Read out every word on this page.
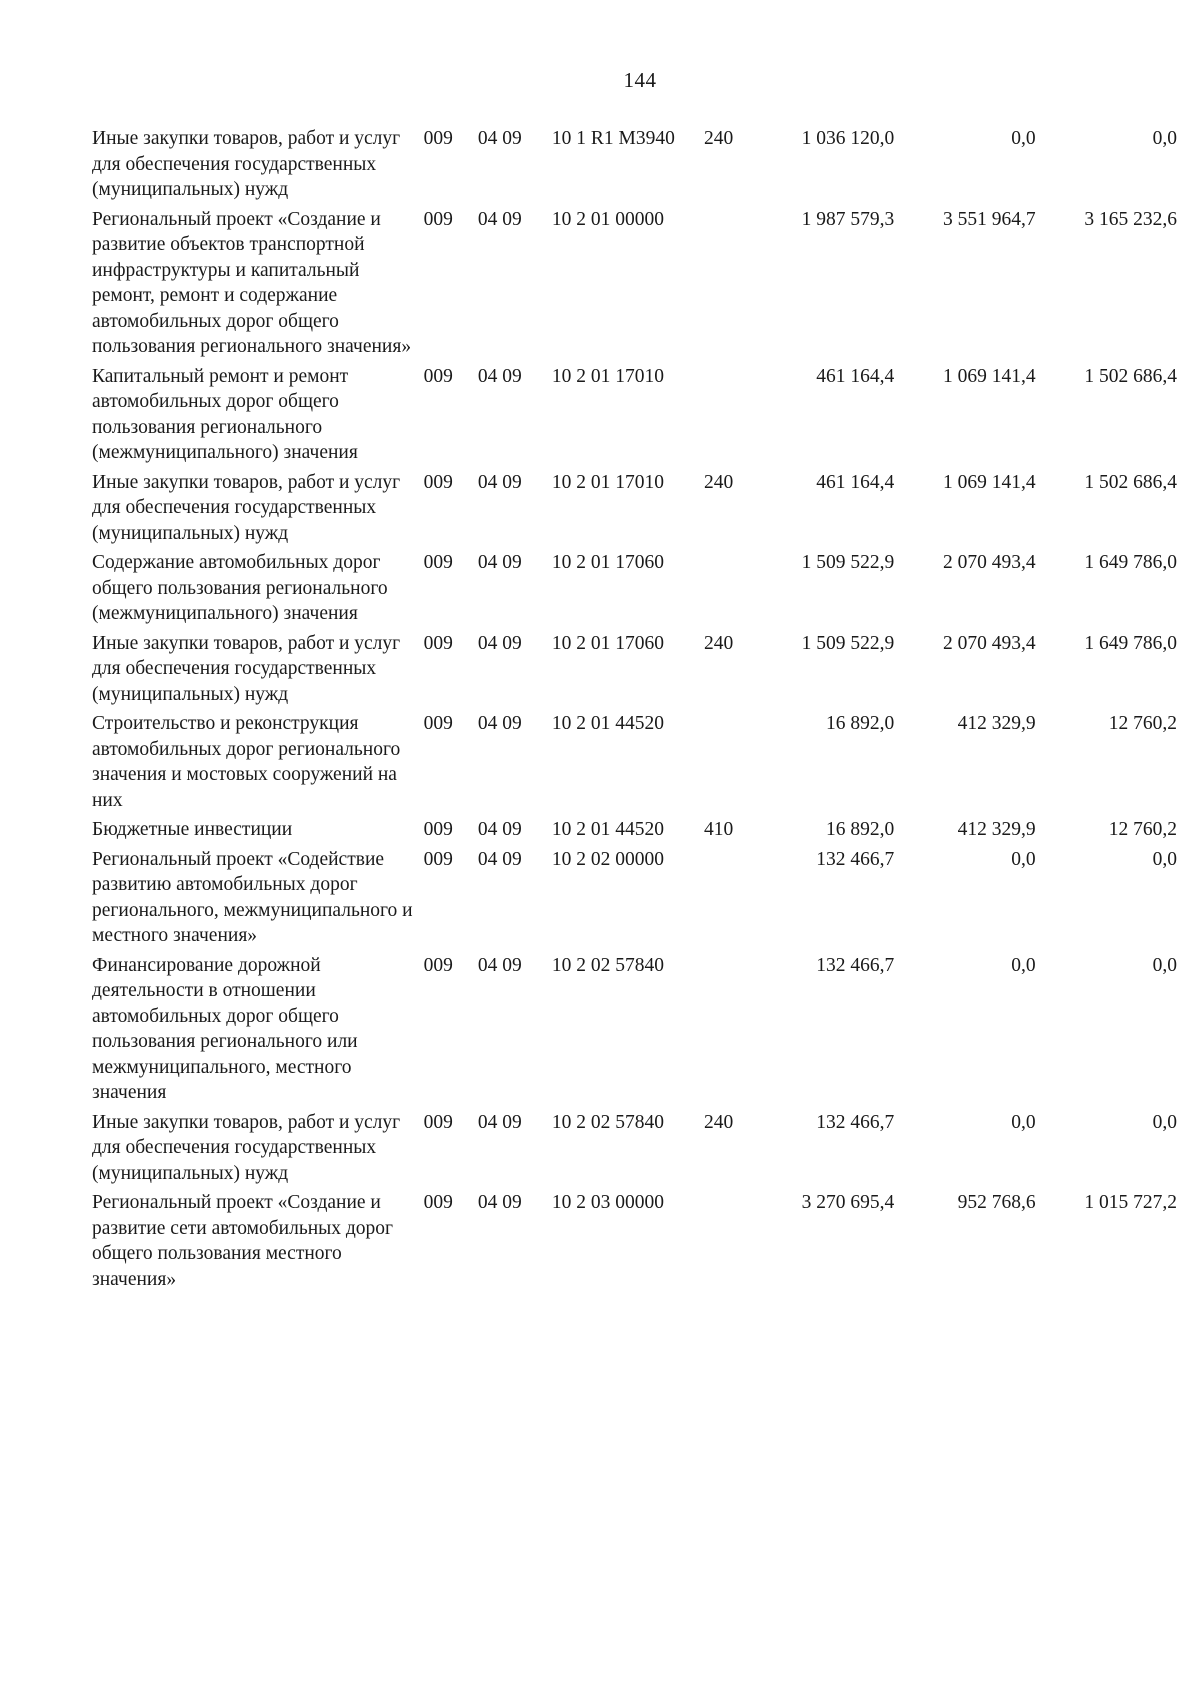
144
Иные закупки товаров, работ и услуг для обеспечения государственных (муниципальных) нужд	009	04 09	10 1 R1 M3940	240	1 036 120,0	0,0	0,0
Региональный проект «Создание и развитие объектов транспортной инфраструктуры и капитальный ремонт, ремонт и содержание автомобильных дорог общего пользования регионального значения»	009	04 09	10 2 01 00000		1 987 579,3	3 551 964,7	3 165 232,6
Капитальный ремонт и ремонт автомобильных дорог общего пользования регионального (межмуниципального) значения	009	04 09	10 2 01 17010		461 164,4	1 069 141,4	1 502 686,4
Иные закупки товаров, работ и услуг для обеспечения государственных (муниципальных) нужд	009	04 09	10 2 01 17010	240	461 164,4	1 069 141,4	1 502 686,4
Содержание автомобильных дорог общего пользования регионального (межмуниципального) значения	009	04 09	10 2 01 17060		1 509 522,9	2 070 493,4	1 649 786,0
Иные закупки товаров, работ и услуг для обеспечения государственных (муниципальных) нужд	009	04 09	10 2 01 17060	240	1 509 522,9	2 070 493,4	1 649 786,0
Строительство и реконструкция автомобильных дорог регионального значения и мостовых сооружений на них	009	04 09	10 2 01 44520		16 892,0	412 329,9	12 760,2
Бюджетные инвестиции	009	04 09	10 2 01 44520	410	16 892,0	412 329,9	12 760,2
Региональный проект «Содействие развитию автомобильных дорог регионального, межмуниципального и местного значения»	009	04 09	10 2 02 00000		132 466,7	0,0	0,0
Финансирование дорожной деятельности в отношении автомобильных дорог общего пользования регионального или межмуниципального, местного значения	009	04 09	10 2 02 57840		132 466,7	0,0	0,0
Иные закупки товаров, работ и услуг для обеспечения государственных (муниципальных) нужд	009	04 09	10 2 02 57840	240	132 466,7	0,0	0,0
Региональный проект «Создание и развитие сети автомобильных дорог общего пользования местного значения»	009	04 09	10 2 03 00000		3 270 695,4	952 768,6	1 015 727,2
